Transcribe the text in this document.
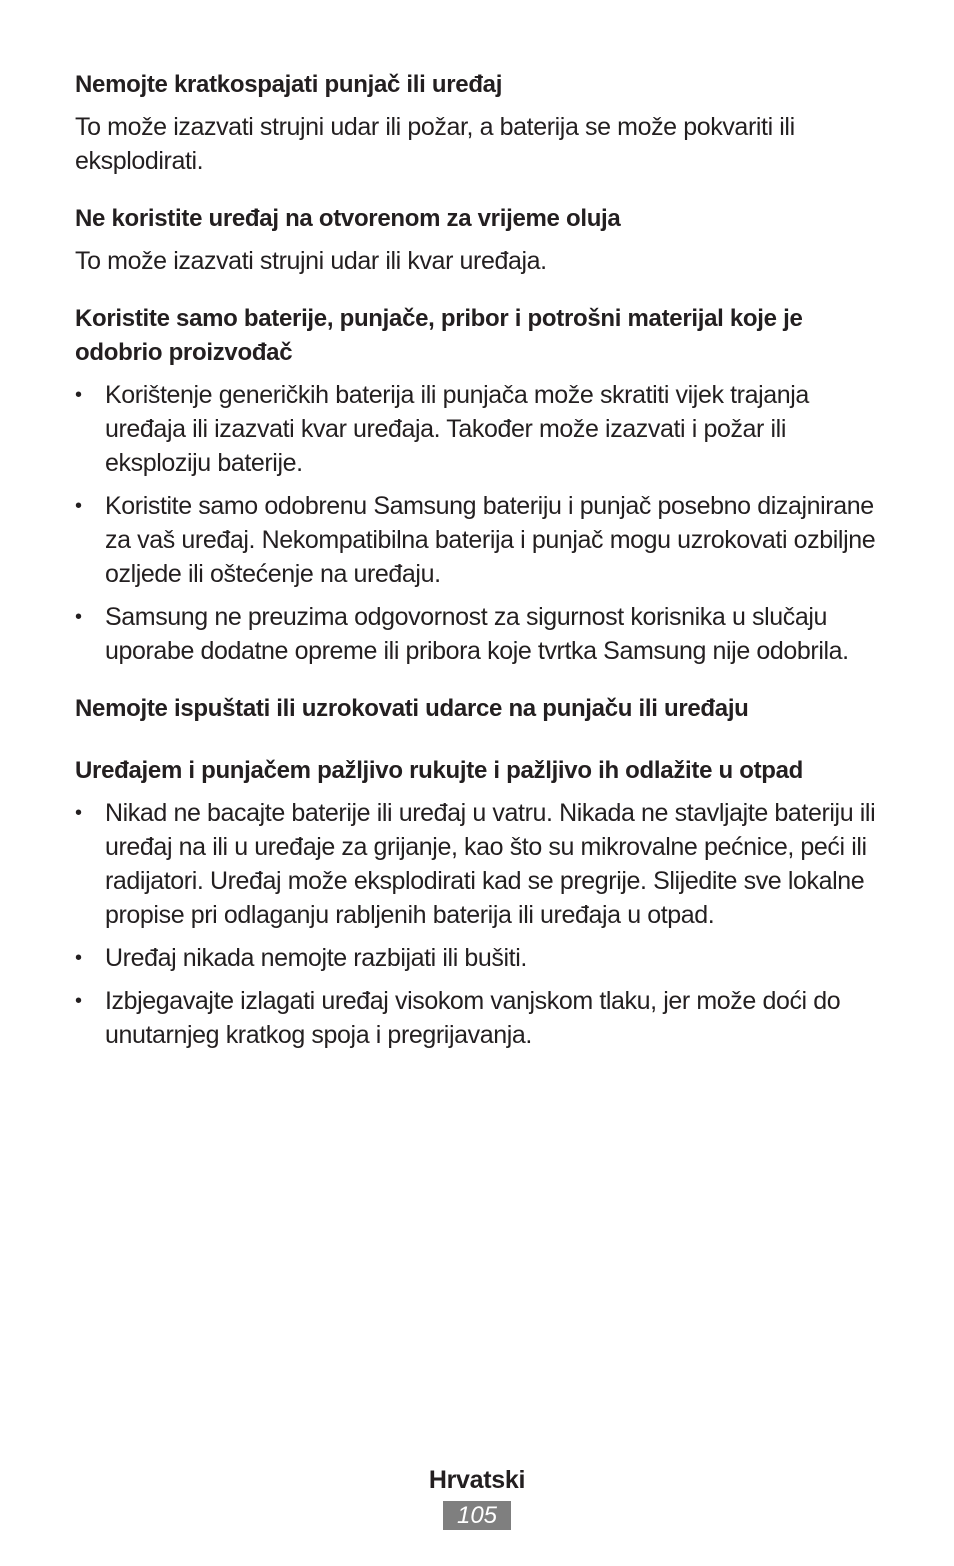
Nemojte kratkospajati punjač ili uređaj

To može izazvati strujni udar ili požar, a baterija se može pokvariti ili eksplodirati.

Ne koristite uređaj na otvorenom za vrijeme oluja

To može izazvati strujni udar ili kvar uređaja.

Koristite samo baterije, punjače, pribor i potrošni materijal koje je odobrio proizvođač
• Korištenje generičkih baterija ili punjača može skratiti vijek trajanja uređaja ili izazvati kvar uređaja. Također može izazvati i požar ili eksploziju baterije.
• Koristite samo odobrenu Samsung bateriju i punjač posebno dizajnirane za vaš uređaj. Nekompatibilna baterija i punjač mogu uzrokovati ozbiljne ozljede ili oštećenje na uređaju.
• Samsung ne preuzima odgovornost za sigurnost korisnika u slučaju uporabe dodatne opreme ili pribora koje tvrtka Samsung nije odobrila.
Nemojte ispuštati ili uzrokovati udarce na punjaču ili uređaju
Uređajem i punjačem pažljivo rukujte i pažljivo ih odlažite u otpad
• Nikad ne bacajte baterije ili uređaj u vatru. Nikada ne stavljajte bateriju ili uređaj na ili u uređaje za grijanje, kao što su mikrovalne pećnice, peći ili radijatori. Uređaj može eksplodirati kad se pregrije. Slijedite sve lokalne propise pri odlaganju rabljenih baterija ili uređaja u otpad.
• Uređaj nikada nemojte razbijati ili bušiti.
• Izbjegavajte izlagati uređaj visokom vanjskom tlaku, jer može doći do unutarnjeg kratkog spoja i pregrijavanja.
Hrvatski
105
